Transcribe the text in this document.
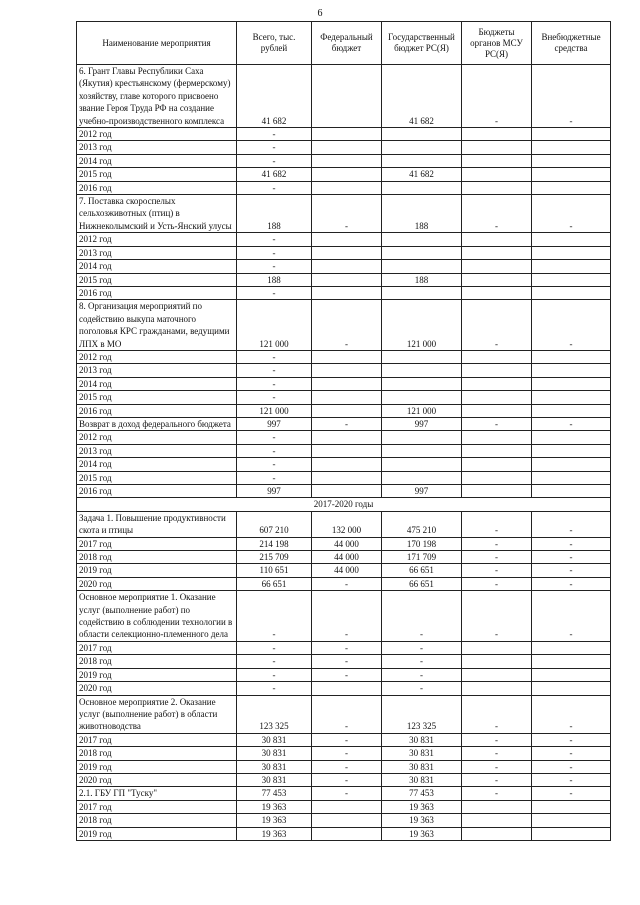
6
Наименование мероприятия	Всего, тыс. рублей	Федеральный бюджет	Государственный бюджет РС(Я)	Бюджеты органов МСУ РС(Я)	Внебюджетные средства
6. Грант Главы Республики Саха (Якутия) крестьянскому (фермерскому) хозяйству, главе которого присвоено звание Героя Труда РФ на создание учебно-производственного комплекса	41 682		41 682	-	-
2012 год	-				
2013 год	-				
2014 год	-				
2015 год	41 682		41 682		
2016 год	-				
7. Поставка скороспелых сельхозживотных (птиц) в Нижнеколымский и Усть-Янский улусы	188	-	188	-	-
2012 год	-				
2013 год	-				
2014 год	-				
2015 год	188		188		
2016 год	-				
8. Организация мероприятий по содействию выкупа маточного поголовья КРС гражданами, ведущими ЛПХ в МО	121 000	-	121 000	-	-
2012 год	-				
2013 год	-				
2014 год	-				
2015 год	-				
2016 год	121 000		121 000		
Возврат в доход федерального бюджета	997	-	997	-	-
2012 год	-				
2013 год	-				
2014 год	-				
2015 год	-				
2016 год	997		997		
2017-2020 годы					
Задача 1. Повышение продуктивности скота и птицы	607 210	132 000	475 210	-	-
2017 год	214 198	44 000	170 198	-	-
2018 год	215 709	44 000	171 709	-	-
2019 год	110 651	44 000	66 651	-	-
2020 год	66 651	-	66 651	-	-
Основное мероприятие 1. Оказание услуг (выполнение работ) по содействию в соблюдении технологии в области селекционно-племенного дела	-	-	-	-	-
2017 год	-	-	-		
2018 год	-	-	-		
2019 год	-	-	-		
2020 год	-		-		
Основное мероприятие 2. Оказание услуг (выполнение работ) в области животноводства	123 325	-	123 325	-	-
2017 год	30 831	-	30 831	-	-
2018 год	30 831	-	30 831	-	-
2019 год	30 831	-	30 831	-	-
2020 год	30 831	-	30 831	-	-
2.1. ГБУ ГП "Туску"	77 453	-	77 453	-	-
2017 год	19 363		19 363		
2018 год	19 363		19 363		
2019 год	19 363		19 363		
